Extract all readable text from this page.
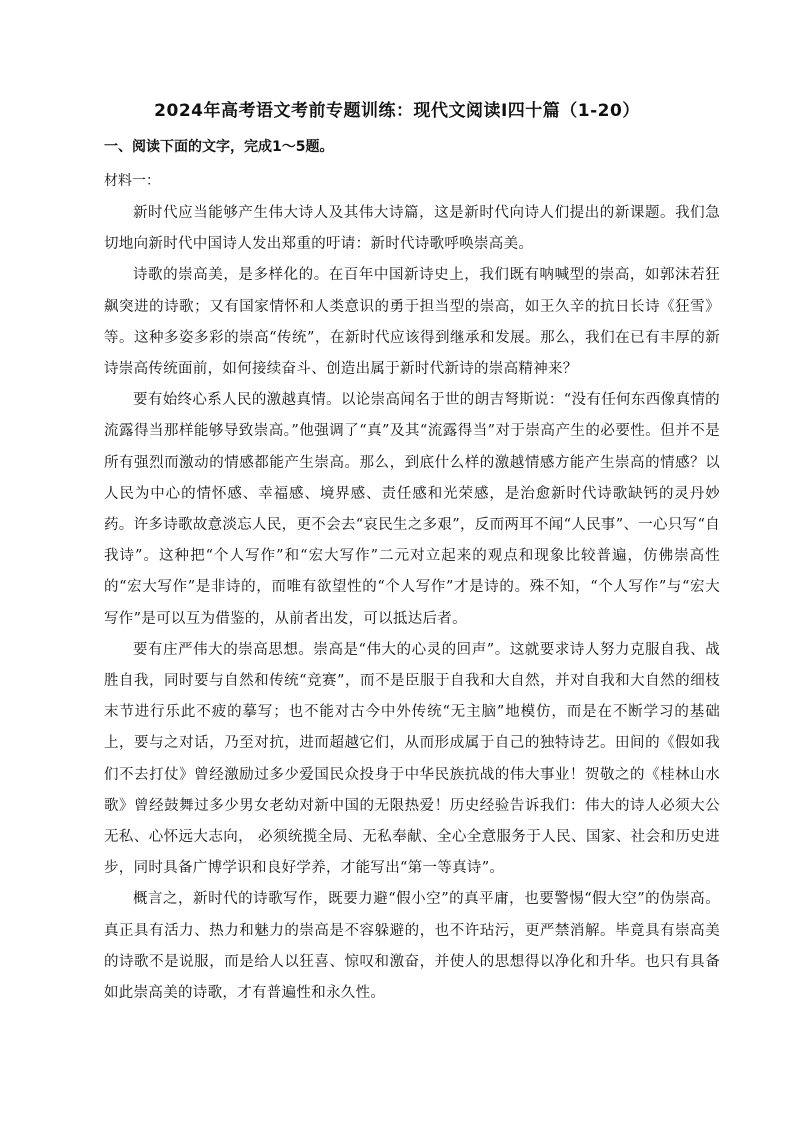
2024年高考语文考前专题训练：现代文阅读I四十篇（1-20）
一、阅读下面的文字，完成1～5题。
材料一：

新时代应当能够产生伟大诗人及其伟大诗篇，这是新时代向诗人们提出的新课题。我们急切地向新时代中国诗人发出郑重的吁请：新时代诗歌呼唤崇高美。

诗歌的崇高美，是多样化的。在百年中国新诗史上，我们既有呐喊型的崇高，如郭沫若狂飙突进的诗歌；又有国家情怀和人类意识的勇于担当型的崇高，如王久辛的抗日长诗《狂雪》等。这种多姿多彩的崇高“传统”，在新时代应该得到继承和发展。那么，我们在已有丰厚的新诗崇高传统面前，如何接续奋斗、创造出属于新时代新诗的崇高精神来？

要有始终心系人民的激越真情。以论崇高闻名于世的朗吉弩斯说：“没有任何东西像真情的流露得当那样能够导致崇高。”他强调了“真”及其“流露得当”对于崇高产生的必要性。但并不是所有强烈而激动的情感都能产生崇高。那么，到底什么样的激越情感方能产生崇高的情感？以人民为中心的情怀感、幸福感、境界感、责任感和光荣感，是治愈新时代诗歌缺钙的灵丹妙药。许多诗歌故意淡忘人民，更不会去“哀民生之多艰”，反而两耳不闻“人民事”、一心只写“自我诗”。这种把“个人写作”和“宏大写作”二元对立起来的观点和现象比较普遍，仿佛崇高性的“宏大写作”是非诗的，而唯有欲望性的“个人写作”才是诗的。殊不知，“个人写作”与“宏大写作”是可以互为借鉴的，从前者出发，可以抵达后者。

要有庄严伟大的崇高思想。崇高是“伟大的心灵的回声”。这就要求诗人努力克服自我、战胜自我，同时要与自然和传统“竞赛”，而不是臣服于自我和大自然，并对自我和大自然的细枝末节进行乐此不疲的摹写；也不能对古今中外传统“无主脑”地模仿，而是在不断学习的基础上，要与之对话，乃至对抗，进而超越它们，从而形成属于自己的独特诗艺。田间的《假如我们不去打仗》曾经激励过多少爱国民众投身于中华民族抗战的伟大事业！贺敬之的《桂林山水歌》曾经鼓舞过多少男女老幼对新中国的无限热爱！历史经验告诉我们：伟大的诗人必须大公无私、心怀远大志向， 必须统揽全局、无私奉献、全心全意服务于人民、国家、社会和历史进步，同时具备广博学识和良好学养，才能写出“第一等真诗”。

概言之，新时代的诗歌写作，既要力避“假小空”的真平庸，也要警惕“假大空”的伪崇高。真正具有活力、热力和魅力的崇高是不容躲避的，也不许玷污，更严禁消解。毕竟具有崇高美的诗歌不是说服，而是给人以狂喜、惊叹和激奋，并使人的思想得以净化和升华。也只有具备如此崇高美的诗歌，才有普遍性和永久性。
